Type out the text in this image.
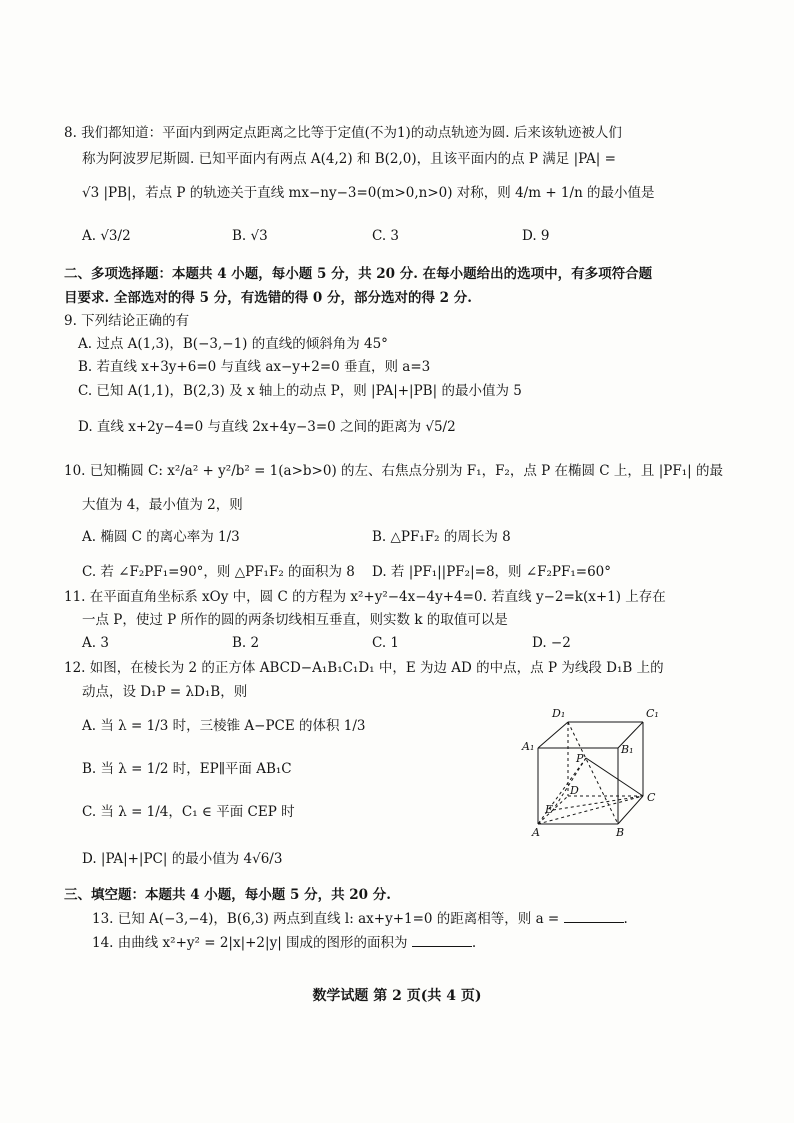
8. 我们都知道：平面内到两定点距离之比等于定值(不为1)的动点轨迹为圆. 后来该轨迹被人们
称为阿波罗尼斯圆. 已知平面内有两点 A(4,2) 和 B(2,0)，且该平面内的点 P 满足 |PA| =
√3 |PB|，若点 P 的轨迹关于直线 mx−ny−3=0(m>0,n>0) 对称，则 4/m + 1/n 的最小值是
A. √3/2	B. √3	C. 3	D. 9
二、多项选择题：本题共 4 小题，每小题 5 分，共 20 分. 在每小题给出的选项中，有多项符合题
目要求. 全部选对的得 5 分，有选错的得 0 分，部分选对的得 2 分.
9. 下列结论正确的有
A. 过点 A(1,3)，B(−3,−1) 的直线的倾斜角为 45°
B. 若直线 x+3y+6=0 与直线 ax−y+2=0 垂直，则 a=3
C. 已知 A(1,1)，B(2,3) 及 x 轴上的动点 P，则 |PA|+|PB| 的最小值为 5
D. 直线 x+2y−4=0 与直线 2x+4y−3=0 之间的距离为 √5/2
10. 已知椭圆 C: x²/a² + y²/b² = 1(a>b>0) 的左、右焦点分别为 F₁，F₂，点 P 在椭圆 C 上，且 |PF₁| 的最
大值为 4，最小值为 2，则
A. 椭圆 C 的离心率为 1/3	B. △PF₁F₂ 的周长为 8
C. 若 ∠F₂PF₁=90°，则 △PF₁F₂ 的面积为 8 D. 若 |PF₁||PF₂|=8，则 ∠F₂PF₁=60°
11. 在平面直角坐标系 xOy 中，圆 C 的方程为 x²+y²−4x−4y+4=0. 若直线 y−2=k(x+1) 上存在
一点 P，使过 P 所作的圆的两条切线相互垂直，则实数 k 的取值可以是
A. 3	B. 2	C. 1	D. −2
12. 如图，在棱长为 2 的正方体 ABCD−A₁B₁C₁D₁ 中，E 为边 AD 的中点，点 P 为线段 D₁B 上的
动点，设 D₁P = λD₁B，则
A. 当 λ = 1/3 时，三棱锥 A−PCE 的体积 1/3
B. 当 λ = 1/2 时，EP∥平面 AB₁C
C. 当 λ = 1/4，C₁ ∈ 平面 CEP 时
D. |PA|+|PC| 的最小值为 4√6/3
D₁	C₁
A₁	B₁
P
D
E
C
A	B
三、填空题：本题共 4 小题，每小题 5 分，共 20 分.
13. 已知 A(−3,−4)，B(6,3) 两点到直线 l: ax+y+1=0 的距离相等，则 a =	.
14. 由曲线 x²+y² = 2|x|+2|y| 围成的图形的面积为	.
数学试题 第 2 页(共 4 页)
